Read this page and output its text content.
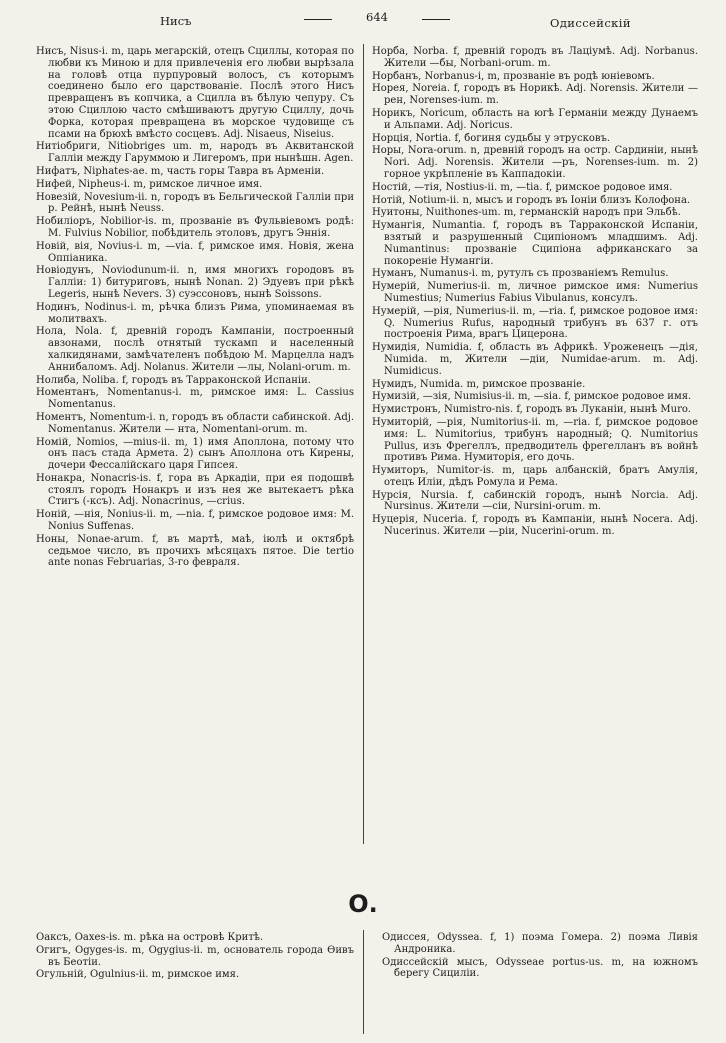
Нисъ	644	Одиссейскій

Нисъ, Nisus-i. m, царь мегарскій, отецъ Сциллы, которая по любви къ Миною и для привлеченія его любви вырѣзала на головѣ отца пурпуровый волосъ, съ которымъ соединено было его царствованіе. Послѣ этого Нисъ превращенъ въ копчика, а Сцилла въ бѣлую чепуру. Съ этою Сциллою часто смѣшиваютъ другую Сциллу, дочь Форка, которая превращена въ морское чудовище съ псами на брюхѣ вмѣсто сосцевъ. Adj. Nisaeus, Niseius.

Нитіобриги, Nitiobriges um. m, народъ въ Аквитанской Галліи между Гаруммою и Лигеромъ, при нынѣшн. Agen.

Нифатъ, Niphates-ae. m, часть горы Тавра въ Арменіи.

Нифей, Nipheus-i. m, римское личное имя.

Новезій, Novesium-ii. n, городъ въ Бельгической Галліи при р. Рейнѣ, нынѣ Neuss.

Нобиліоръ, Nobilior-is. m, прозваніе въ Фульвіевомъ родѣ: M. Fulvius Nobilior, побѣдитель этоловъ, другъ Эннія.

Новій, вія, Novius-i. m, —via. f, римское имя. Новія, жена Оппіаника.

Новіодунъ, Noviodunum-ii. n, имя многихъ городовъ въ Галліи: 1) битуриговъ, нынѣ Nonan. 2) Эдуевъ при рѣкѣ Legeris, нынѣ Nevers. 3) суэссоновъ, нынѣ Soissons.

Нодинъ, Nodinus-i. m, рѣчка близъ Рима, упоминаемая въ молитвахъ.

Нола, Nola. f, древній городъ Кампаніи, построенный авзонами, послѣ отнятый тускамп и населенный халкидянами, замѣчателенъ побѣдою М. Марцелла надъ Аннибаломъ. Adj. Nolanus. Жители —лы, Nolani-orum. m.

Нолиба, Noliba. f, городъ въ Тарраконской Испаніи.

Номентанъ, Nomentanus-i. m, римское имя: L. Cassius Nomentanus.

Номентъ, Nomentum-i. n, городъ въ области сабинской. Adj. Nomentanus. Жители — нта, Nomentani-orum. m.

Номій, Nomios, —mius-ii. m, 1) имя Аполлона, потому что онъ пасъ стада Армета. 2) сынъ Аполлона отъ Кирены, дочери Фессалійскаго царя Гипсея.

Нонакра, Nonacris-is. f, гора въ Аркадіи, при ея подошвѣ стоялъ городъ Нонакръ и изъ нея же вытекаетъ рѣка Стигъ (-ксъ). Adj. Nonacrinus, —crius.

Нонiй, —нія, Nonius-ii. m, —nia. f, римское родовое имя: M. Nonius Suffenas.

Ноны, Nonae-arum. f, въ мартѣ, маѣ, іюлѣ и октябрѣ седьмое число, въ прочихъ мѣсяцахъ пятое. Die tertio ante nonas Februarias, 3-го февраля.

Норба, Norba. f, древній городъ въ Лаціумѣ. Adj. Norbanus. Жители —бы, Norbani-orum. m.

Норбанъ, Norbanus-i, m, прозваніе въ родѣ юніевомъ.

Норея, Noreia. f, городъ въ Норикѣ. Adj. Norensis. Жители —рен, Norenses-ium. m.

Норикъ, Noricum, область на югѣ Германіи между Дунаемъ и Альпами. Adj. Noricus.

Норція, Nortia. f, богиня судьбы у этрусковъ.

Норы, Nora-orum. n, древній городъ на остр. Сардиніи, нынѣ Nori. Adj. Norensis. Жители —ръ, Norenses-ium. m. 2) горное укрѣпленіе въ Каппадокіи.

Ностій, —тія, Nostius-ii. m, —tia. f, римское родовое имя.

Нотій, Notium-ii. n, мысъ и городъ въ Іоніи близъ Колофона.

Нуитоны, Nuithones-um. m, германскій народъ при Эльбѣ.

Нумангія, Numantia. f, городъ въ Тарраконской Испаніи, взятый и разрушенный Сципіономъ младшимъ. Adj. Numantinus: прозваніе Сципіона африканскаго за покореніе Нумангіи.

Нуманъ, Numanus-i. m, рутулъ съ прозваніемъ Remulus.

Нумерій, Numerius-ii. m, личное римское имя: Numerius Numestius; Numerius Fabius Vibulanus, консулъ.

Нумерій, —рія, Numerius-ii. m, —ria. f, римское родовое имя: Q. Numerius Rufus, народный трибунъ въ 637 г. отъ построенія Рима, врагъ Цицерона.

Нумидія, Numidia. f, область въ Африкѣ. Уроженецъ —дія, Numida. m, Жители —діи, Numidae-arum. m. Adj. Numidicus.

Нумидъ, Numida. m, римское прозваніе.

Нумизій, —зія, Numisius-ii. m, —sia. f, римское родовое имя.

Нумистронъ, Numistro-nis. f, городъ въ Луканіи, нынѣ Muro.

Нумиторій, —рія, Numitorius-ii. m, —ria. f, римское родовое имя: L. Numitorius, трибунъ народный; Q. Numitorius Pullus, изъ Фрегеллъ, предводитель фрегелланъ въ войнѣ противъ Рима. Нумиторія, его дочь.

Нумиторъ, Numitor-is. m, царь албанскій, братъ Амулія, отецъ Иліи, дѣдъ Ромула и Рема.

Нурсія, Nursia. f, сабинскій городъ, нынѣ Norcia. Adj. Nursinus. Жители —сіи, Nursini-orum. m.

Нуцерія, Nuceria. f, городъ въ Кампаніи, нынѣ Nocera. Adj. Nucerinus. Жители —ріи, Nucerini-orum. m.

О.

Оаксъ, Oaxes-is. m. рѣка на островѣ Критѣ.

Огигъ, Ogyges-is. m, Ogygius-ii. m, основатель города Ѳивъ въ Беотіи.

Огульній, Ogulnius-ii. m, римское имя.

Одиссея, Odyssea. f, 1) поэма Гомера. 2) поэма Ливія Андроника.

Одиссейскій мысъ, Odysseae portus-us. m, на южномъ берегу Сициліи.
